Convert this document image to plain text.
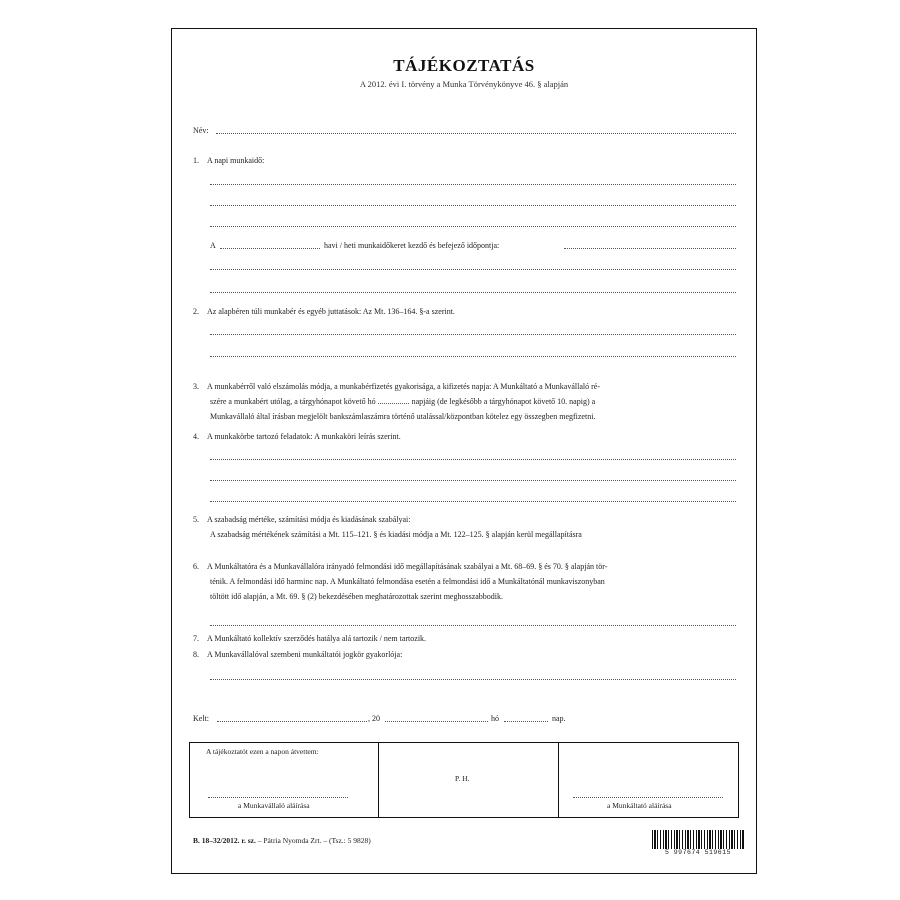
TÁJÉKOZTATÁS
A 2012. évi I. törvény a Munka Törvénykönyve 46. § alapján
Név:
1. A napi munkaidő:
A	havi / heti munkaidőkeret kezdő és befejező időpontja:
2. Az alapbéren túli munkabér és egyéb juttatások: Az Mt. 136–164. §-a szerint.
3. A munkabérről való elszámolás módja, a munkabérfizetés gyakorisága, a kifizetés napja: A Munkáltató a Munkavállaló ré-
szére a munkabért utólag, a tárgyhónapot követő hó ................ napjáig (de legkésőbb a tárgyhónapot követő 10. napig) a
Munkavállaló által írásban megjelölt bankszámlaszámra történő utalással/központban kötelez egy összegben megfizetni.
4. A munkakörbe tartozó feladatok: A munkaköri leírás szerint.
5. A szabadság mértéke, számítási módja és kiadásának szabályai:
A szabadság mértékének számítási a Mt. 115–121. § és kiadási módja a Mt. 122–125. § alapján kerül megállapításra
6. A Munkáltatóra és a Munkavállalóra irányadó felmondási idő megállapításának szabályai a Mt. 68–69. § és 70. § alapján tör-
ténik. A felmondási idő harminc nap. A Munkáltató felmondása esetén a felmondási idő a Munkáltatónál munkaviszonyban
töltött idő alapján, a Mt. 69. § (2) bekezdésében meghatározottak szerint meghosszabbodik.
7. A Munkáltató kollektív szerződés hatálya alá tartozik / nem tartozik.
8. A Munkavállalóval szembeni munkáltatói jogkör gyakorlója:
Kelt:	, 20	hó	nap.
A tájékoztatót ezen a napon átvettem:
a Munkavállaló aláírása
P. H.
a Munkáltató aláírása
B. 18–32/2012. r. sz. – Pátria Nyomda Zrt. – (Tsz.: 5 9828)
5 997674 519615
